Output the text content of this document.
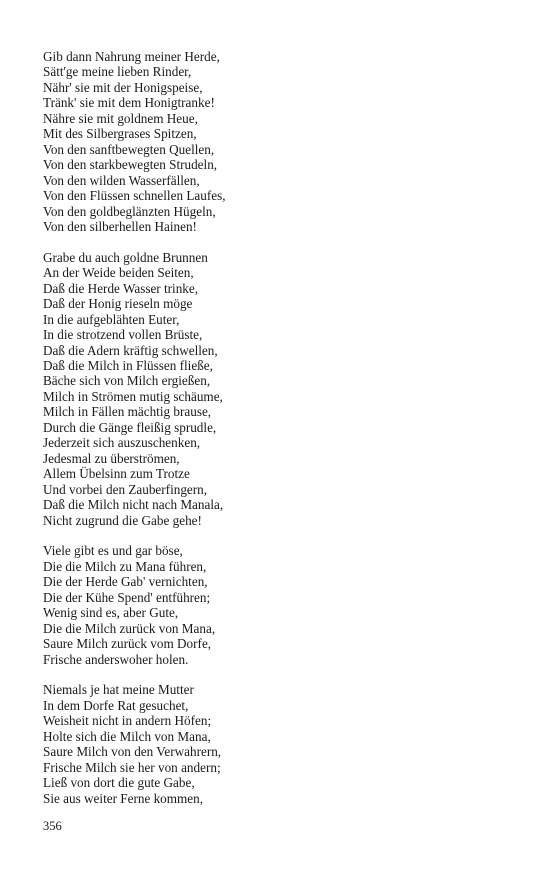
Gib dann Nahrung meiner Herde,
Sätt'ge meine lieben Rinder,
Nähr' sie mit der Honigspeise,
Tränk' sie mit dem Honigtranke!
Nähre sie mit goldnem Heue,
Mit des Silbergrases Spitzen,
Von den sanftbewegten Quellen,
Von den starkbewegten Strudeln,
Von den wilden Wasserfällen,
Von den Flüssen schnellen Laufes,
Von den goldbeglänzten Hügeln,
Von den silberhellen Hainen!
Grabe du auch goldne Brunnen
An der Weide beiden Seiten,
Daß die Herde Wasser trinke,
Daß der Honig rieseln möge
In die aufgeblähten Euter,
In die strotzend vollen Brüste,
Daß die Adern kräftig schwellen,
Daß die Milch in Flüssen fließe,
Bäche sich von Milch ergießen,
Milch in Strömen mutig schäume,
Milch in Fällen mächtig brause,
Durch die Gänge fleißig sprudle,
Jederzeit sich auszuschenken,
Jedesmal zu überströmen,
Allem Übelsinn zum Trotze
Und vorbei den Zauberfingern,
Daß die Milch nicht nach Manala,
Nicht zugrund die Gabe gehe!
Viele gibt es und gar böse,
Die die Milch zu Mana führen,
Die der Herde Gab' vernichten,
Die der Kühe Spend' entführen;
Wenig sind es, aber Gute,
Die die Milch zurück von Mana,
Saure Milch zurück vom Dorfe,
Frische anderswoher holen.
Niemals je hat meine Mutter
In dem Dorfe Rat gesuchet,
Weisheit nicht in andern Höfen;
Holte sich die Milch von Mana,
Saure Milch von den Verwahrern,
Frische Milch sie her von andern;
Ließ von dort die gute Gabe,
Sie aus weiter Ferne kommen,
356
